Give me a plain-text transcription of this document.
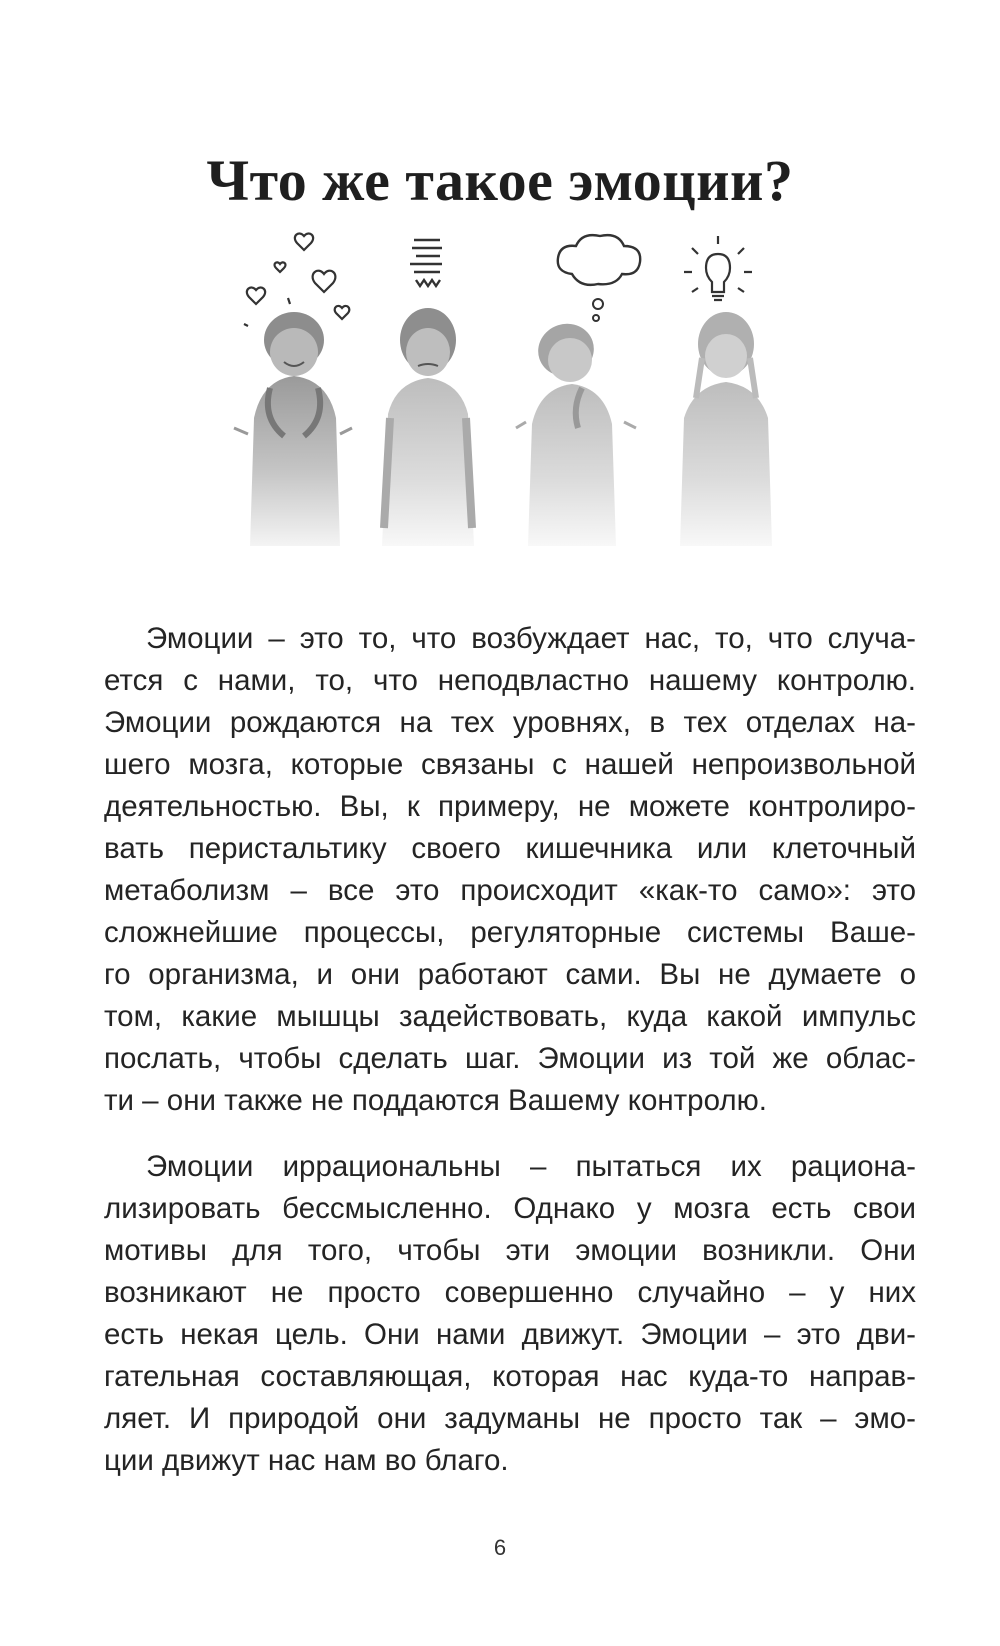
Что же такое эмоции?
Эмоции – это то, что возбуждает нас, то, что случа-
ется с нами, то, что неподвластно нашему контролю.
Эмоции рождаются на тех уровнях, в тех отделах на-
шего мозга, которые связаны с нашей непроизвольной
деятельностью. Вы, к примеру, не можете контролиро-
вать перистальтику своего кишечника или клеточный
метаболизм – все это происходит «как-то само»: это
сложнейшие процессы, регуляторные системы Ваше-
го организма, и они работают сами. Вы не думаете о
том, какие мышцы задействовать, куда какой импульс
послать, чтобы сделать шаг. Эмоции из той же облас-
ти – они также не поддаются Вашему контролю.
Эмоции иррациональны – пытаться их рациона-
лизировать бессмысленно. Однако у мозга есть свои
мотивы для того, чтобы эти эмоции возникли. Они
возникают не просто совершенно случайно – у них
есть некая цель. Они нами движут. Эмоции – это дви-
гательная составляющая, которая нас куда-то направ-
ляет. И природой они задуманы не просто так – эмо-
ции движут нас нам во благо.
6
